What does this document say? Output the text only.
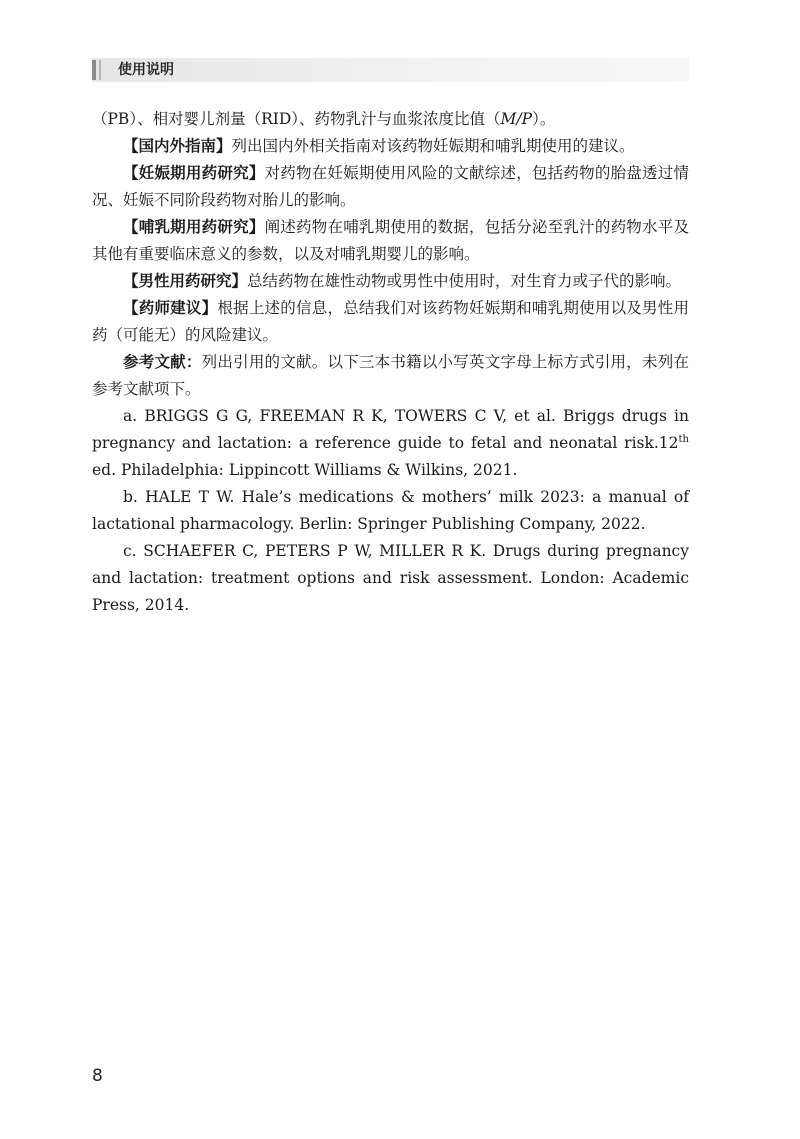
使用说明

（PB）、相对婴儿剂量（RID）、药物乳汁与血浆浓度比值（M/P）。

【国内外指南】列出国内外相关指南对该药物妊娠期和哺乳期使用的建议。

【妊娠期用药研究】对药物在妊娠期使用风险的文献综述，包括药物的胎盘透过情况、妊娠不同阶段药物对胎儿的影响。

【哺乳期用药研究】阐述药物在哺乳期使用的数据，包括分泌至乳汁的药物水平及其他有重要临床意义的参数，以及对哺乳期婴儿的影响。

【男性用药研究】总结药物在雄性动物或男性中使用时，对生育力或子代的影响。

【药师建议】根据上述的信息，总结我们对该药物妊娠期和哺乳期使用以及男性用药（可能无）的风险建议。

参考文献：列出引用的文献。以下三本书籍以小写英文字母上标方式引用，未列在参考文献项下。

a. BRIGGS G G, FREEMAN R K, TOWERS C V, et al. Briggs drugs in pregnancy and lactation: a reference guide to fetal and neonatal risk.12th ed. Philadelphia: Lippincott Williams & Wilkins, 2021.

b. HALE T W. Hale’s medications & mothers’ milk 2023: a manual of lactational pharmacology. Berlin: Springer Publishing Company, 2022.

c. SCHAEFER C, PETERS P W, MILLER R K. Drugs during pregnancy and lactation: treatment options and risk assessment. London: Academic Press, 2014.

8
